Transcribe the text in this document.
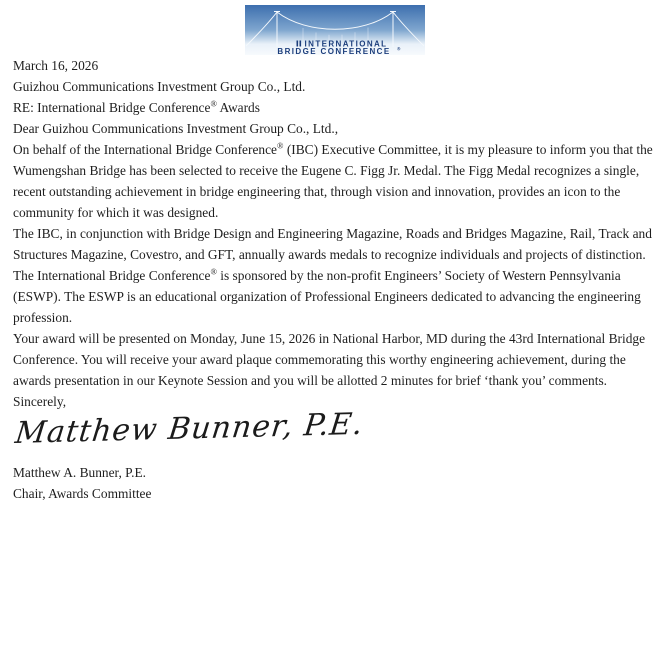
INTERNATIONAL
BRIDGE CONFERENCE ®

March 16, 2026

Guizhou Communications Investment Group Co., Ltd.

RE: International Bridge Conference® Awards

Dear Guizhou Communications Investment Group Co., Ltd.,

On behalf of the International Bridge Conference® (IBC) Executive Committee, it is my pleasure to inform you that the Wumengshan Bridge has been selected to receive the Eugene C. Figg Jr. Medal. The Figg Medal recognizes a single, recent outstanding achievement in bridge engineering that, through vision and innovation, provides an icon to the community for which it was designed.

The IBC, in conjunction with Bridge Design and Engineering Magazine, Roads and Bridges Magazine, Rail, Track and Structures Magazine, Covestro, and GFT, annually awards medals to recognize individuals and projects of distinction. The International Bridge Conference® is sponsored by the non-profit Engineers’ Society of Western Pennsylvania (ESWP). The ESWP is an educational organization of Professional Engineers dedicated to advancing the engineering profession.

Your award will be presented on Monday, June 15, 2026 in National Harbor, MD during the 43rd International Bridge Conference. You will receive your award plaque commemorating this worthy engineering achievement, during the awards presentation in our Keynote Session and you will be allotted 2 minutes for brief ‘thank you’ comments.

Sincerely,

Matthew Bunner, P.E.

Matthew A. Bunner, P.E.

Chair, Awards Committee
